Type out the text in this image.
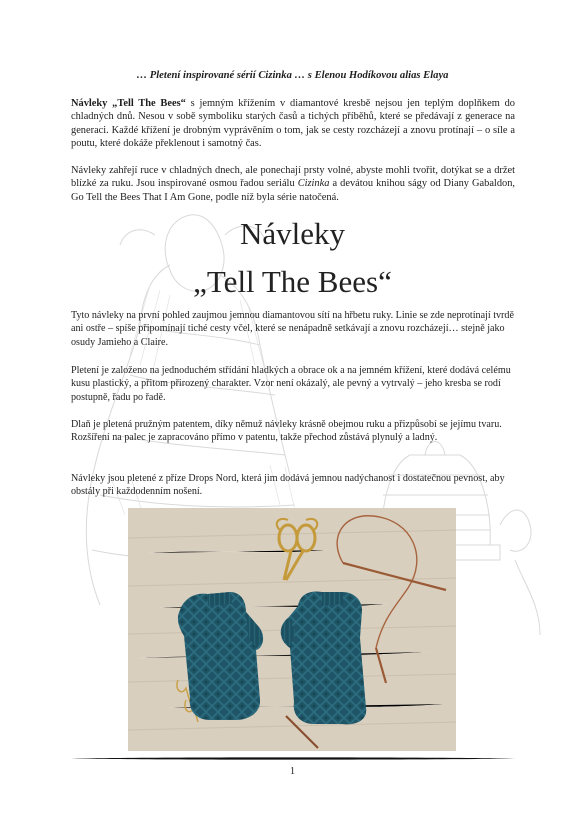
… Pletení inspirované sérií Cizinka … s Elenou Hodíkovou alias Elaya

Návleky „Tell The Bees“ s jemným křížením v diamantové kresbě nejsou jen teplým doplňkem do chladných dnů. Nesou v sobě symboliku starých časů a tichých příběhů, které se předávají z generace na generaci. Každé křížení je drobným vyprávěním o tom, jak se cesty rozcházejí a znovu protínají – o síle a poutu, které dokáže překlenout i samotný čas.

Návleky zahřejí ruce v chladných dnech, ale ponechají prsty volné, abyste mohli tvořit, dotýkat se a držet blízké za ruku. Jsou inspirované osmou řadou seriálu Cizinka a devátou knihou ságy od Diany Gabaldon, Go Tell the Bees That I Am Gone, podle níž byla série natočená.

Návleky
„Tell The Bees“

Tyto návleky na první pohled zaujmou jemnou diamantovou sítí na hřbetu ruky. Linie se zde neprotínají tvrdě ani ostře – spíše připomínají tiché cesty včel, které se nenápadně setkávají a znovu rozcházejí… stejně jako osudy Jamieho a Claire.

Pletení je založeno na jednoduchém střídání hladkých a obrace ok a na jemném křížení, které dodává celému kusu plastický, a přitom přirozený charakter. Vzor není okázalý, ale pevný a vytrvalý – jeho kresba se rodí postupně, řadu po řadě.

Dlaň je pletená pružným patentem, díky němuž návleky krásně obejmou ruku a přizpůsobí se jejímu tvaru. Rozšíření na palec je zapracováno přímo v patentu, takže přechod zůstává plynulý a ladný.

Návleky jsou pletené z příze Drops Nord, která jim dodává jemnou nadýchanost i dostatečnou pevnost, aby obstály při každodenním nošení.

1
